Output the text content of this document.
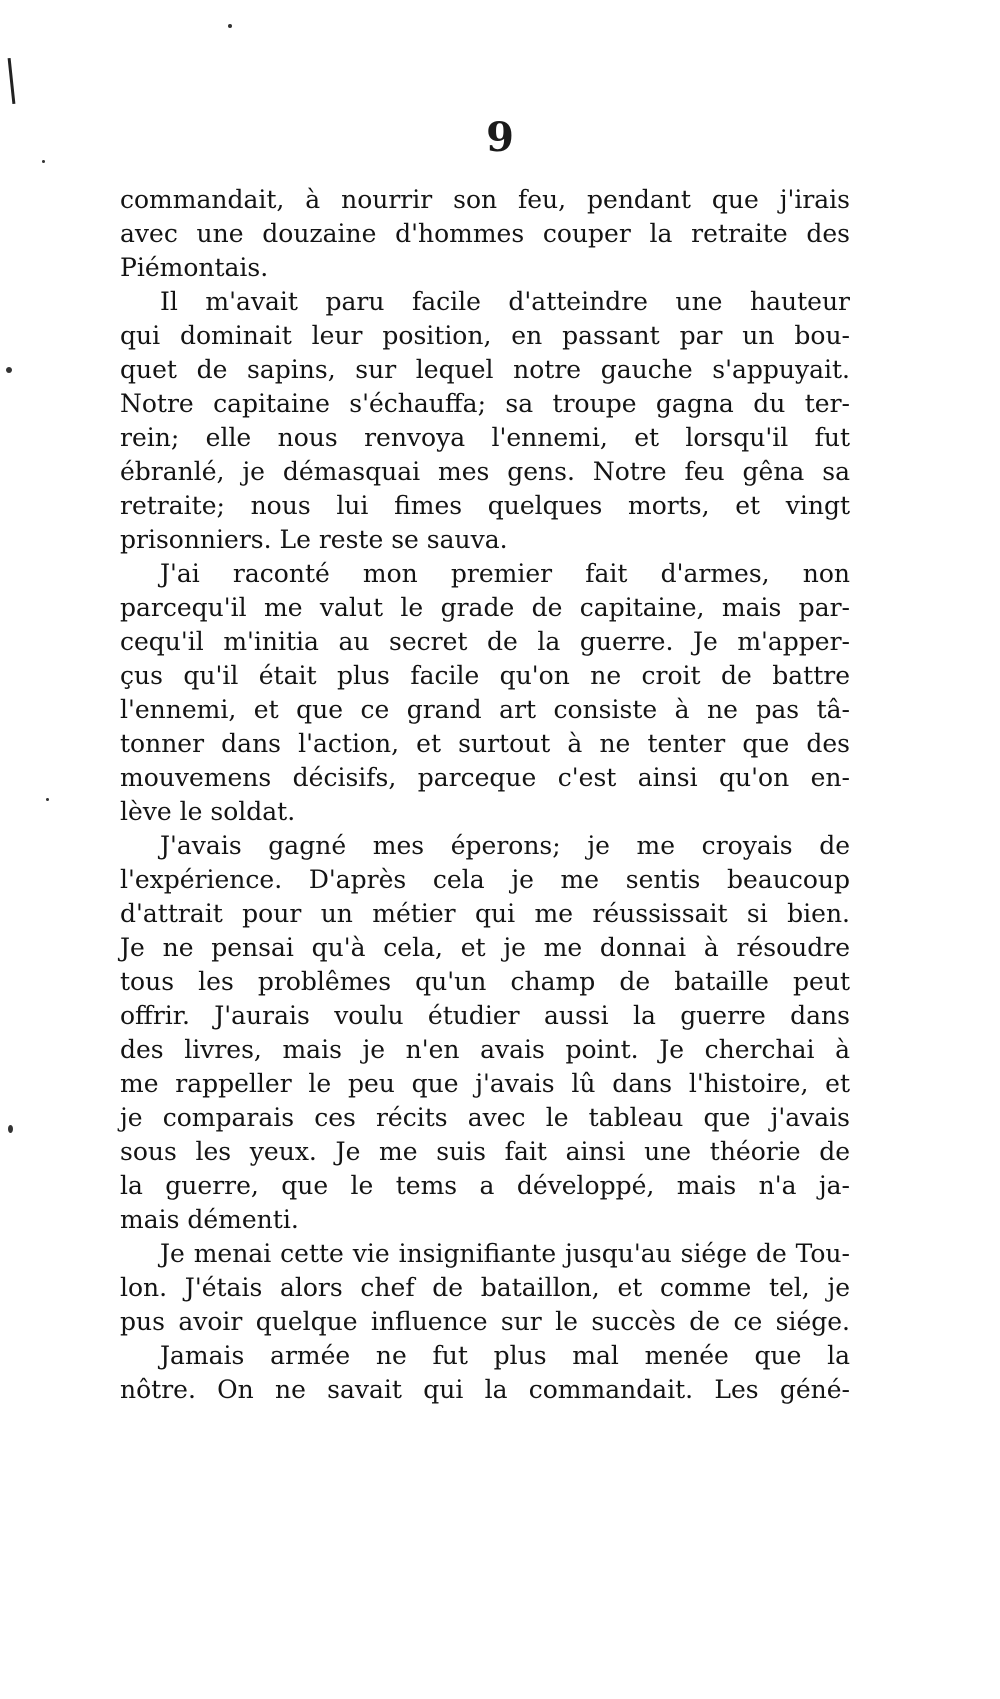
9
commandait, à nourrir son feu, pendant que j'irais
avec une douzaine d'hommes couper la retraite des
Piémontais.
Il m'avait paru facile d'atteindre une hauteur
qui dominait leur position, en passant par un bou-
quet de sapins, sur lequel notre gauche s'appuyait.
Notre capitaine s'échauffa; sa troupe gagna du ter-
rein; elle nous renvoya l'ennemi, et lorsqu'il fut
ébranlé, je démasquai mes gens. Notre feu gêna sa
retraite; nous lui fimes quelques morts, et vingt
prisonniers. Le reste se sauva.
J'ai raconté mon premier fait d'armes, non
parcequ'il me valut le grade de capitaine, mais par-
cequ'il m'initia au secret de la guerre. Je m'apper-
çus qu'il était plus facile qu'on ne croit de battre
l'ennemi, et que ce grand art consiste à ne pas tâ-
tonner dans l'action, et surtout à ne tenter que des
mouvemens décisifs, parceque c'est ainsi qu'on en-
lève le soldat.
J'avais gagné mes éperons; je me croyais de
l'expérience. D'après cela je me sentis beaucoup
d'attrait pour un métier qui me réussissait si bien.
Je ne pensai qu'à cela, et je me donnai à résoudre
tous les problêmes qu'un champ de bataille peut
offrir. J'aurais voulu étudier aussi la guerre dans
des livres, mais je n'en avais point. Je cherchai à
me rappeller le peu que j'avais lû dans l'histoire, et
je comparais ces récits avec le tableau que j'avais
sous les yeux. Je me suis fait ainsi une théorie de
la guerre, que le tems a développé, mais n'a ja-
mais démenti.
Je menai cette vie insignifiante jusqu'au siége de Tou-
lon. J'étais alors chef de bataillon, et comme tel, je
pus avoir quelque influence sur le succès de ce siége.
Jamais armée ne fut plus mal menée que la
nôtre. On ne savait qui la commandait. Les géné-
